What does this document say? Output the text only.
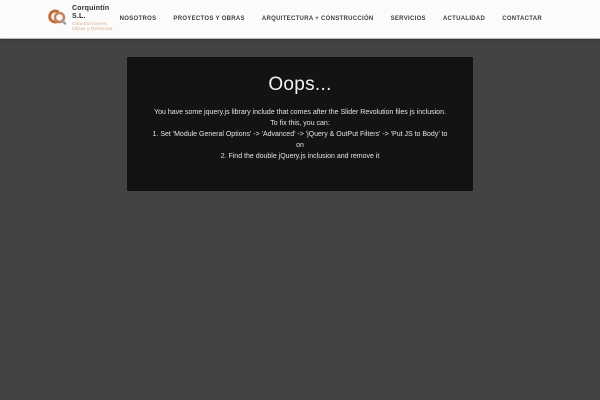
Corquintín S.L.
Construcciones, Obras y Reformas
NOSOTROS	PROYECTOS Y OBRAS	ARQUITECTURA + CONSTRUCCIÓN	SERVICIOS	ACTUALIDAD	CONTACTAR
Oops...
You have some jquery.js library include that comes after the Slider Revolution files js inclusion.
To fix this, you can:
1. Set 'Module General Options' -> 'Advanced' -> 'jQuery & OutPut Filters' -> 'Put JS to Body' to
on
2. Find the double jQuery.js inclusion and remove it
